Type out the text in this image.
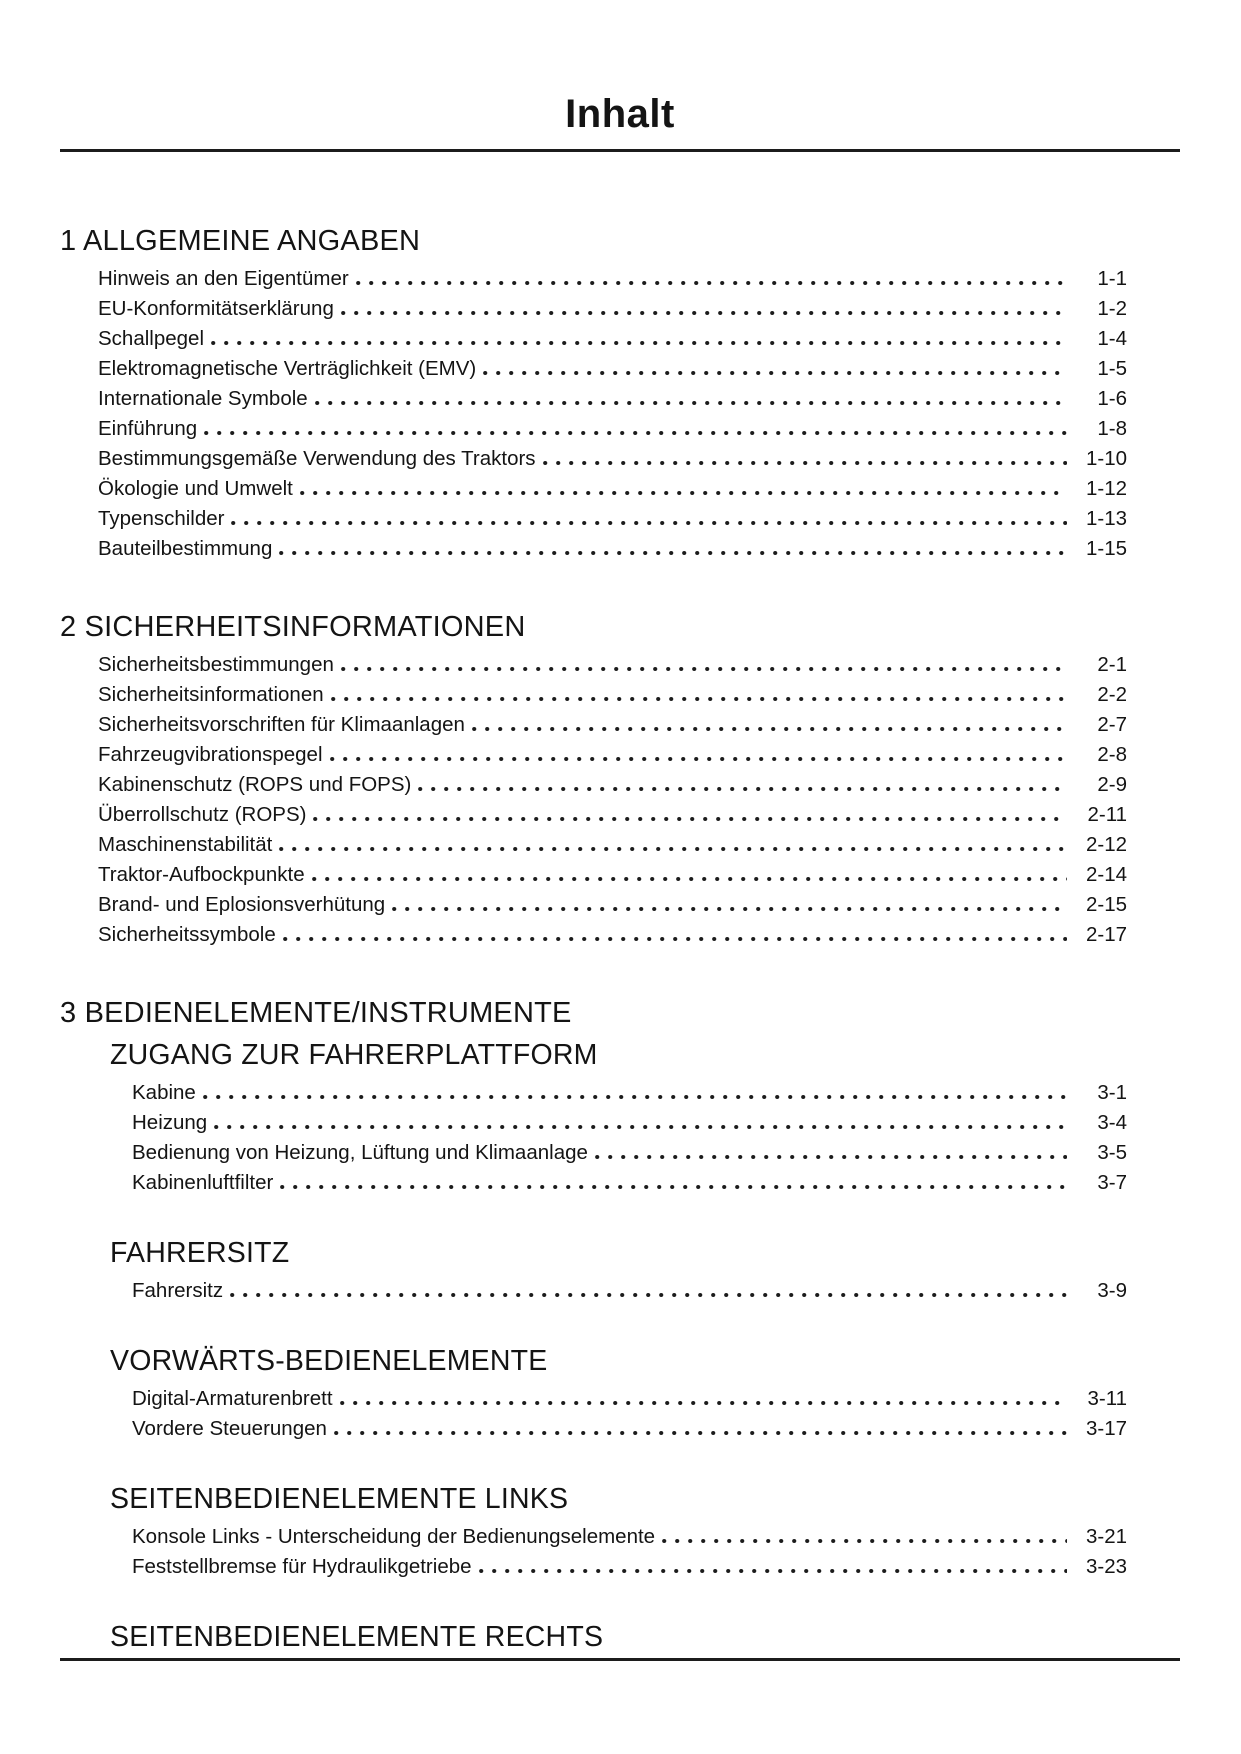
Inhalt
1 ALLGEMEINE ANGABEN
Hinweis an den Eigentümer	1-1
EU-Konformitätserklärung	1-2
Schallpegel	1-4
Elektromagnetische Verträglichkeit (EMV)	1-5
Internationale Symbole	1-6
Einführung	1-8
Bestimmungsgemäße Verwendung des Traktors	1-10
Ökologie und Umwelt	1-12
Typenschilder	1-13
Bauteilbestimmung	1-15
2 SICHERHEITSINFORMATIONEN
Sicherheitsbestimmungen	2-1
Sicherheitsinformationen	2-2
Sicherheitsvorschriften für Klimaanlagen	2-7
Fahrzeugvibrationspegel	2-8
Kabinenschutz (ROPS und FOPS)	2-9
Überrollschutz (ROPS)	2-11
Maschinenstabilität	2-12
Traktor-Aufbockpunkte	2-14
Brand- und Eplosionsverhütung	2-15
Sicherheitssymbole	2-17
3 BEDIENELEMENTE/INSTRUMENTE
ZUGANG ZUR FAHRERPLATTFORM
Kabine	3-1
Heizung	3-4
Bedienung von Heizung, Lüftung und Klimaanlage	3-5
Kabinenluftfilter	3-7
FAHRERSITZ
Fahrersitz	3-9
VORWÄRTS-BEDIENELEMENTE
Digital-Armaturenbrett	3-11
Vordere Steuerungen	3-17
SEITENBEDIENELEMENTE LINKS
Konsole Links - Unterscheidung der Bedienungselemente	3-21
Feststellbremse für Hydraulikgetriebe	3-23
SEITENBEDIENELEMENTE RECHTS
